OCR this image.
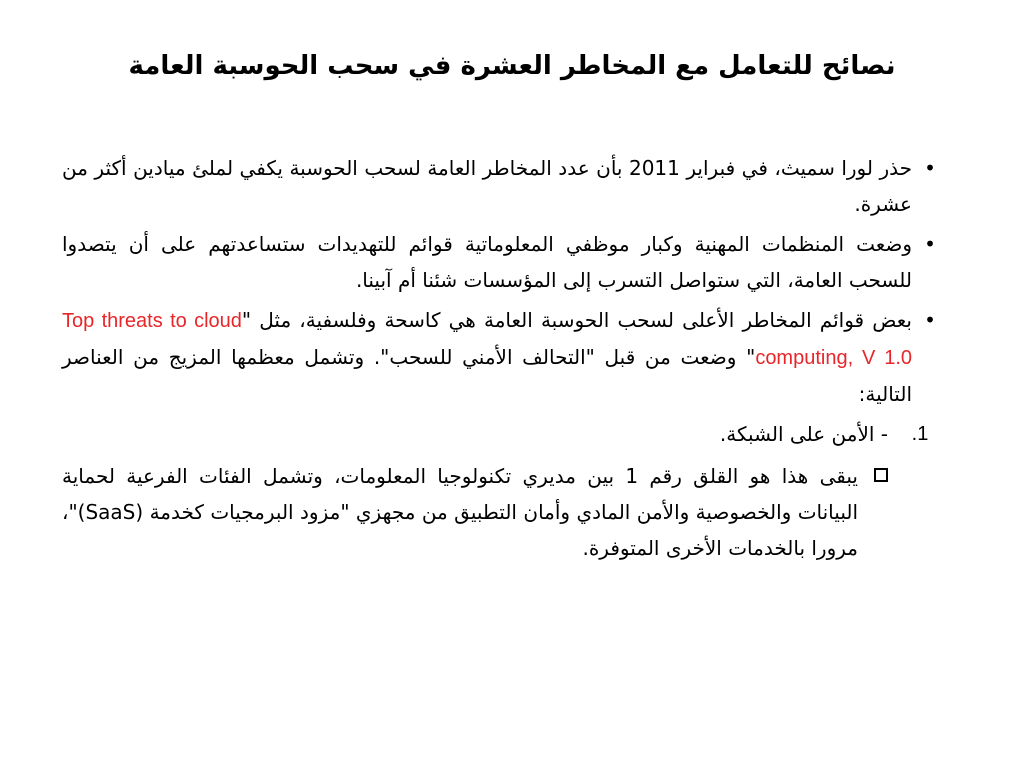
نصائح للتعامل مع المخاطر العشرة في سحب الحوسبة العامة
•
حذر لورا سميث، في فبراير 2011 بأن عدد المخاطر العامة لسحب الحوسبة يكفي لملئ ميادين أكثر من عشرة.
•
وضعت المنظمات المهنية وكبار موظفي المعلوماتية قوائم للتهديدات ستساعدتهم على أن يتصدوا للسحب العامة، التي ستواصل التسرب إلى المؤسسات شئنا أم آبينا.
•
بعض قوائم المخاطر الأعلى لسحب الحوسبة العامة هي كاسحة وفلسفية، مثل "Top threats to cloud computing, V 1.0" وضعت من قبل "التحالف الأمني للسحب". وتشمل معظمها المزيج من العناصر التالية:
1.
- الأمن على الشبكة.
يبقى هذا هو القلق رقم 1 بين مديري تكنولوجيا المعلومات، وتشمل الفئات الفرعية لحماية البيانات والخصوصية والأمن المادي وأمان التطبيق من مجهزي "مزود البرمجيات كخدمة (SaaS)"، مرورا بالخدمات الأخرى المتوفرة.
